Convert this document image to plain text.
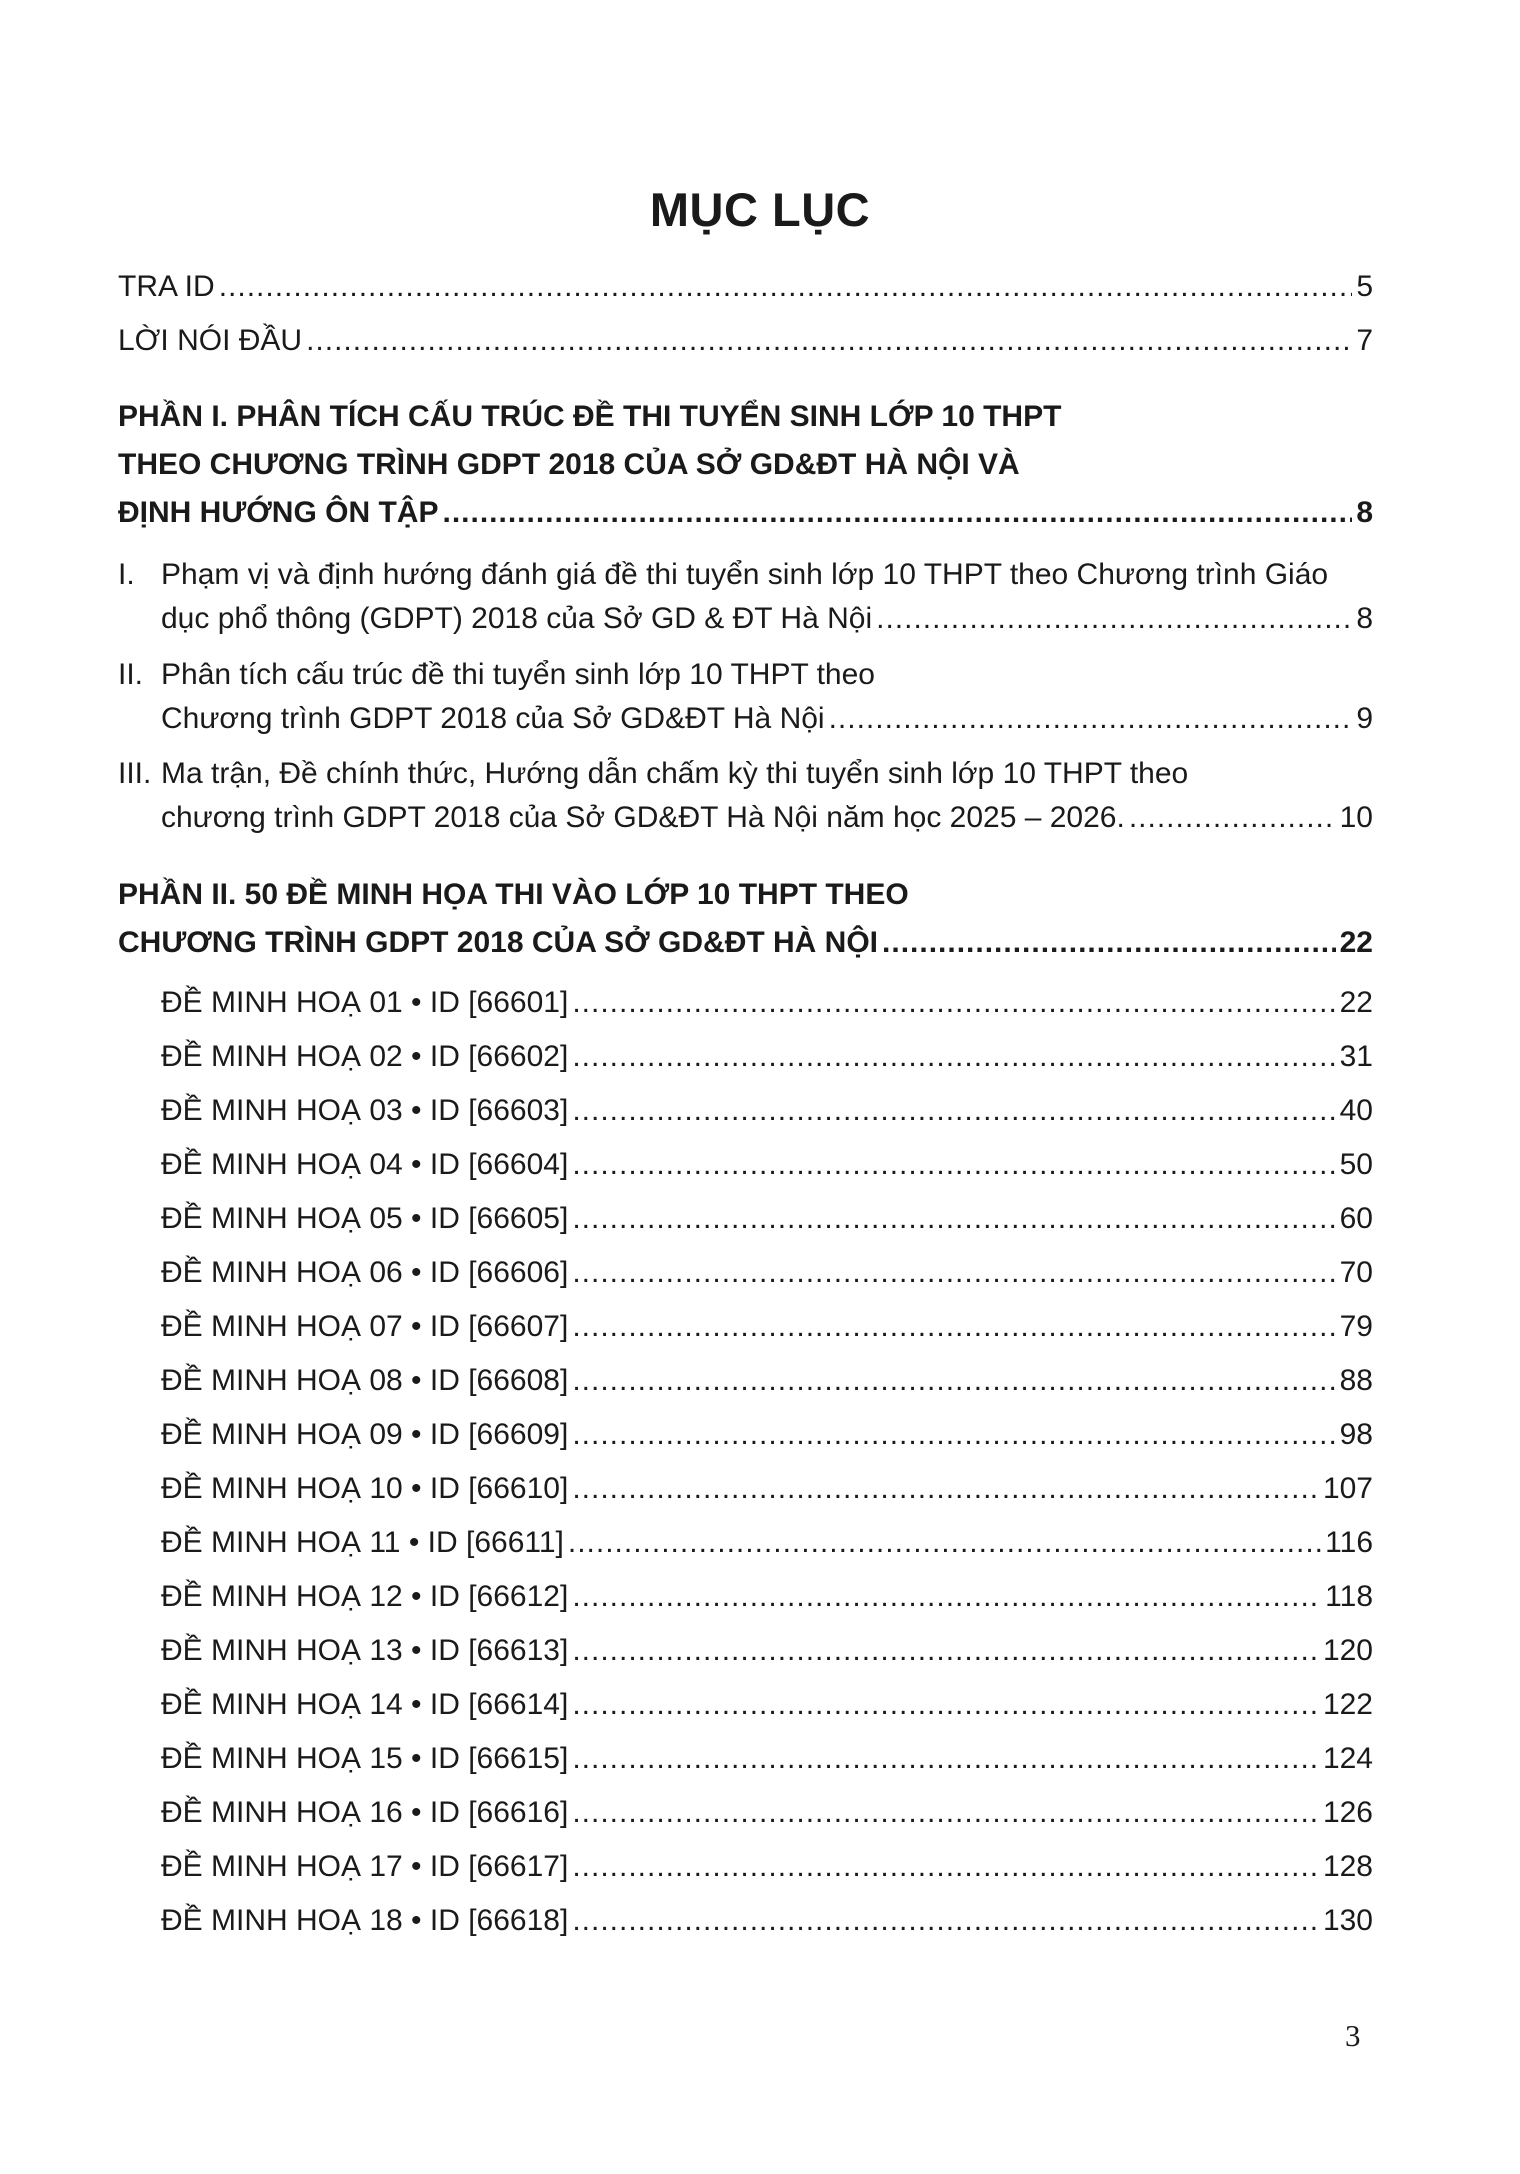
MỤC LỤC
TRA ID .....	5
LỜI NÓI ĐẦU .....	7
PHẦN I. PHÂN TÍCH CẤU TRÚC ĐỀ THI TUYỂN SINH LỚP 10 THPT
THEO CHƯƠNG TRÌNH GDPT 2018 CỦA SỞ GD&ĐT HÀ NỘI VÀ
ĐỊNH HƯỚNG ÔN TẬP .....	8
I. Phạm vị và định hướng đánh giá đề thi tuyển sinh lớp 10 THPT theo Chương trình Giáo
dục phổ thông (GDPT) 2018 của Sở GD & ĐT Hà Nội .....	8
II. Phân tích cấu trúc đề thi tuyển sinh lớp 10 THPT theo
Chương trình GDPT 2018 của Sở GD&ĐT Hà Nội .....	9
III. Ma trận, Đề chính thức, Hướng dẫn chấm kỳ thi tuyển sinh lớp 10 THPT theo
chương trình GDPT 2018 của Sở GD&ĐT Hà Nội năm học 2025 – 2026. .....	10
PHẦN II. 50 ĐỀ MINH HỌA THI VÀO LỚP 10 THPT THEO
CHƯƠNG TRÌNH GDPT 2018 CỦA SỞ GD&ĐT HÀ NỘI .....	22
ĐỀ MINH HOẠ 01 • ID [66601] .....	22
ĐỀ MINH HOẠ 02 • ID [66602] .....	31
ĐỀ MINH HOẠ 03 • ID [66603] .....	40
ĐỀ MINH HOẠ 04 • ID [66604] .....	50
ĐỀ MINH HOẠ 05 • ID [66605] .....	60
ĐỀ MINH HOẠ 06 • ID [66606] .....	70
ĐỀ MINH HOẠ 07 • ID [66607] .....	79
ĐỀ MINH HOẠ 08 • ID [66608] .....	88
ĐỀ MINH HOẠ 09 • ID [66609] .....	98
ĐỀ MINH HOẠ 10 • ID [66610] .....	107
ĐỀ MINH HOẠ 11 • ID [66611] .....	116
ĐỀ MINH HOẠ 12 • ID [66612] .....	118
ĐỀ MINH HOẠ 13 • ID [66613] .....	120
ĐỀ MINH HOẠ 14 • ID [66614] .....	122
ĐỀ MINH HOẠ 15 • ID [66615] .....	124
ĐỀ MINH HOẠ 16 • ID [66616] .....	126
ĐỀ MINH HOẠ 17 • ID [66617] .....	128
ĐỀ MINH HOẠ 18 • ID [66618] .....	130
3
